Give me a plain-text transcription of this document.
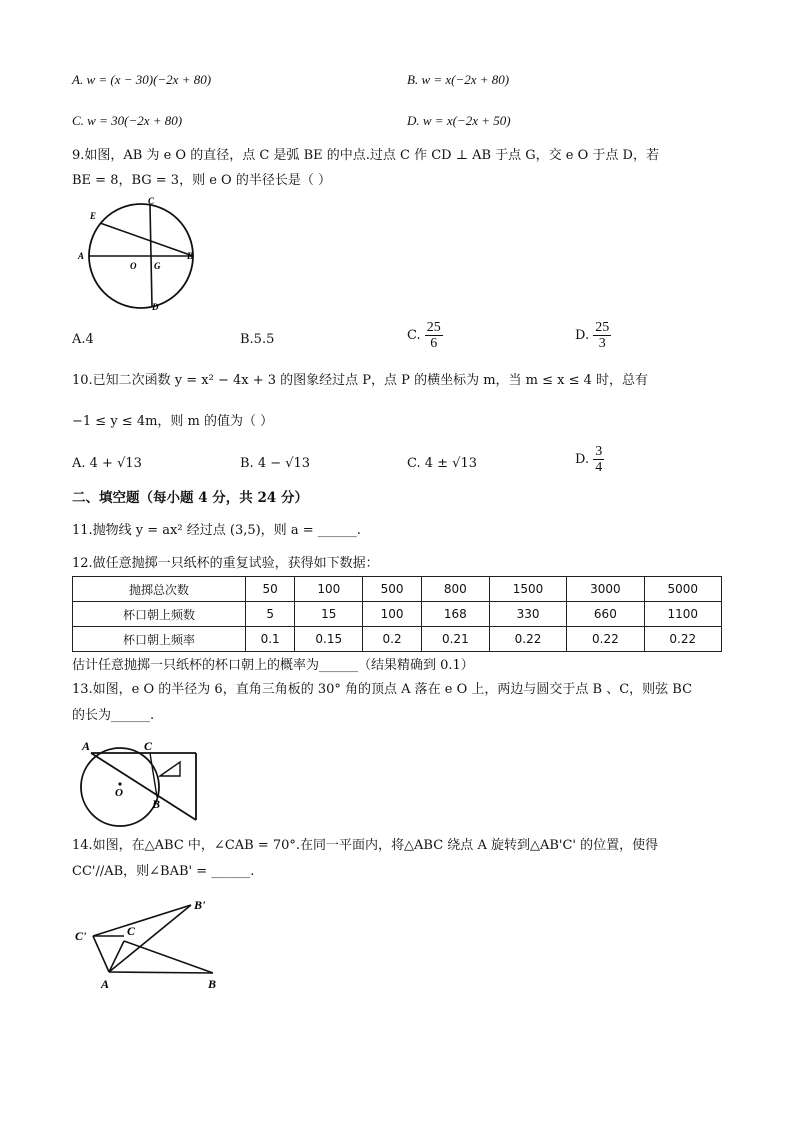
A. w = (x − 30)(−2x + 80)	B. w = x(−2x + 80)
C. w = 30(−2x + 80)	D. w = x(−2x + 50)
9.如图，AB 为 e O 的直径，点 C 是弧 BE 的中点.过点 C 作 CD ⊥ AB 于点 G，交 e O 于点 D，若
BE = 8，BG = 3，则 e O 的半径长是（ ）
E
C
A
O G
B
D
A.4	B.5.5	C. $\frac{25}{6}$	D. $\frac{25}{3}$
10.已知二次函数 y = x² − 4x + 3 的图象经过点 P，点 P 的横坐标为 m，当 m ≤ x ≤ 4 时，总有
−1 ≤ y ≤ 4m，则 m 的值为（ ）
A. 4 + √13	B. 4 − √13	C. 4 ± √13	D. $\frac{3}{4}$
二、填空题（每小题 4 分，共 24 分）
11.抛物线 y = ax² 经过点 (3,5)，则 a = ______.
12.做任意抛掷一只纸杯的重复试验，获得如下数据：
抛掷总次数	50	100	500	800	1500	3000	5000
杯口朝上频数	5	15	100	168	330	660	1100
杯口朝上频率	0.1	0.15	0.2	0.21	0.22	0.22	0.22
估计任意抛掷一只纸杯的杯口朝上的概率为______（结果精确到 0.1）
13.如图，e O 的半径为 6，直角三角板的 30° 角的顶点 A 落在 e O 上，两边与圆交于点 B 、C，则弦 BC
的长为______.
A	C
O
B
14.如图，在△ABC 中，∠CAB = 70°.在同一平面内，将△ABC 绕点 A 旋转到△AB'C' 的位置，使得
CC'//AB，则∠BAB' = ______.
B'
C'	C
A	B
